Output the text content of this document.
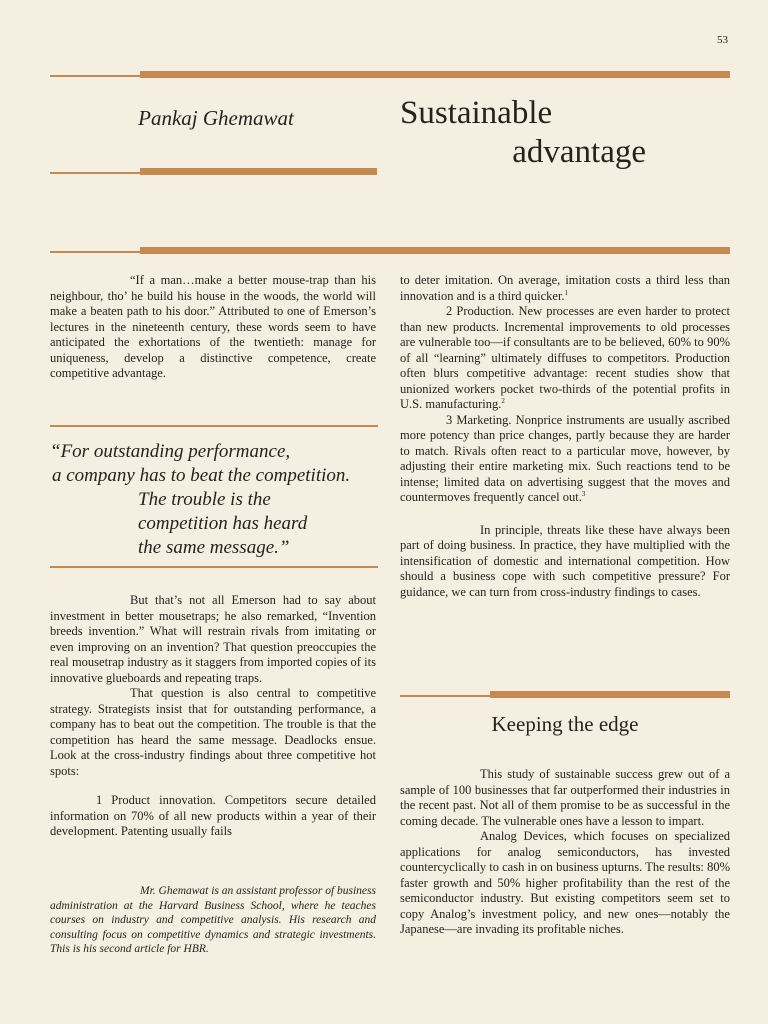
53
Pankaj Ghemawat	Sustainable
advantage

“If a man…make a better mouse-trap than his neighbour, tho’ he build his house in the woods, the world will make a beaten path to his door.” Attributed to one of Emerson’s lectures in the nineteenth century, these words seem to have anticipated the exhortations of the twentieth: manage for uniqueness, develop a distinctive competence, create competitive advantage.

“For outstanding performance,
a company has to beat the competition.
The trouble is the
competition has heard
the same message.”

But that’s not all Emerson had to say about investment in better mousetraps; he also remarked, “Invention breeds invention.” What will restrain rivals from imitating or even improving on an invention? That question preoccupies the real mousetrap industry as it staggers from imported copies of its innovative glueboards and repeating traps.

That question is also central to competitive strategy. Strategists insist that for outstanding performance, a company has to beat out the competition. The trouble is that the competition has heard the same message. Deadlocks ensue. Look at the cross-industry findings about three competitive hot spots:

1 Product innovation. Competitors secure detailed information on 70% of all new products within a year of their development. Patenting usually fails

Mr. Ghemawat is an assistant professor of business administration at the Harvard Business School, where he teaches courses on industry and competitive analysis. His research and consulting focus on competitive dynamics and strategic investments. This is his second article for HBR.

to deter imitation. On average, imitation costs a third less than innovation and is a third quicker.$^1$

2 Production. New processes are even harder to protect than new products. Incremental improvements to old processes are vulnerable too—if consultants are to be believed, 60% to 90% of all “learning” ultimately diffuses to competitors. Production often blurs competitive advantage: recent studies show that unionized workers pocket two-thirds of the potential profits in U.S. manufacturing.$^2$

3 Marketing. Nonprice instruments are usually ascribed more potency than price changes, partly because they are harder to match. Rivals often react to a particular move, however, by adjusting their entire marketing mix. Such reactions tend to be intense; limited data on advertising suggest that the moves and countermoves frequently cancel out.$^3$

In principle, threats like these have always been part of doing business. In practice, they have multiplied with the intensification of domestic and international competition. How should a business cope with such competitive pressure? For guidance, we can turn from cross-industry findings to cases.

Keeping the edge

This study of sustainable success grew out of a sample of 100 businesses that far outperformed their industries in the recent past. Not all of them promise to be as successful in the coming decade. The vulnerable ones have a lesson to impart.

Analog Devices, which focuses on specialized applications for analog semiconductors, has invested countercyclically to cash in on business upturns. The results: 80% faster growth and 50% higher profitability than the rest of the semiconductor industry. But existing competitors seem set to copy Analog’s investment policy, and new ones—notably the Japanese—are invading its profitable niches.
